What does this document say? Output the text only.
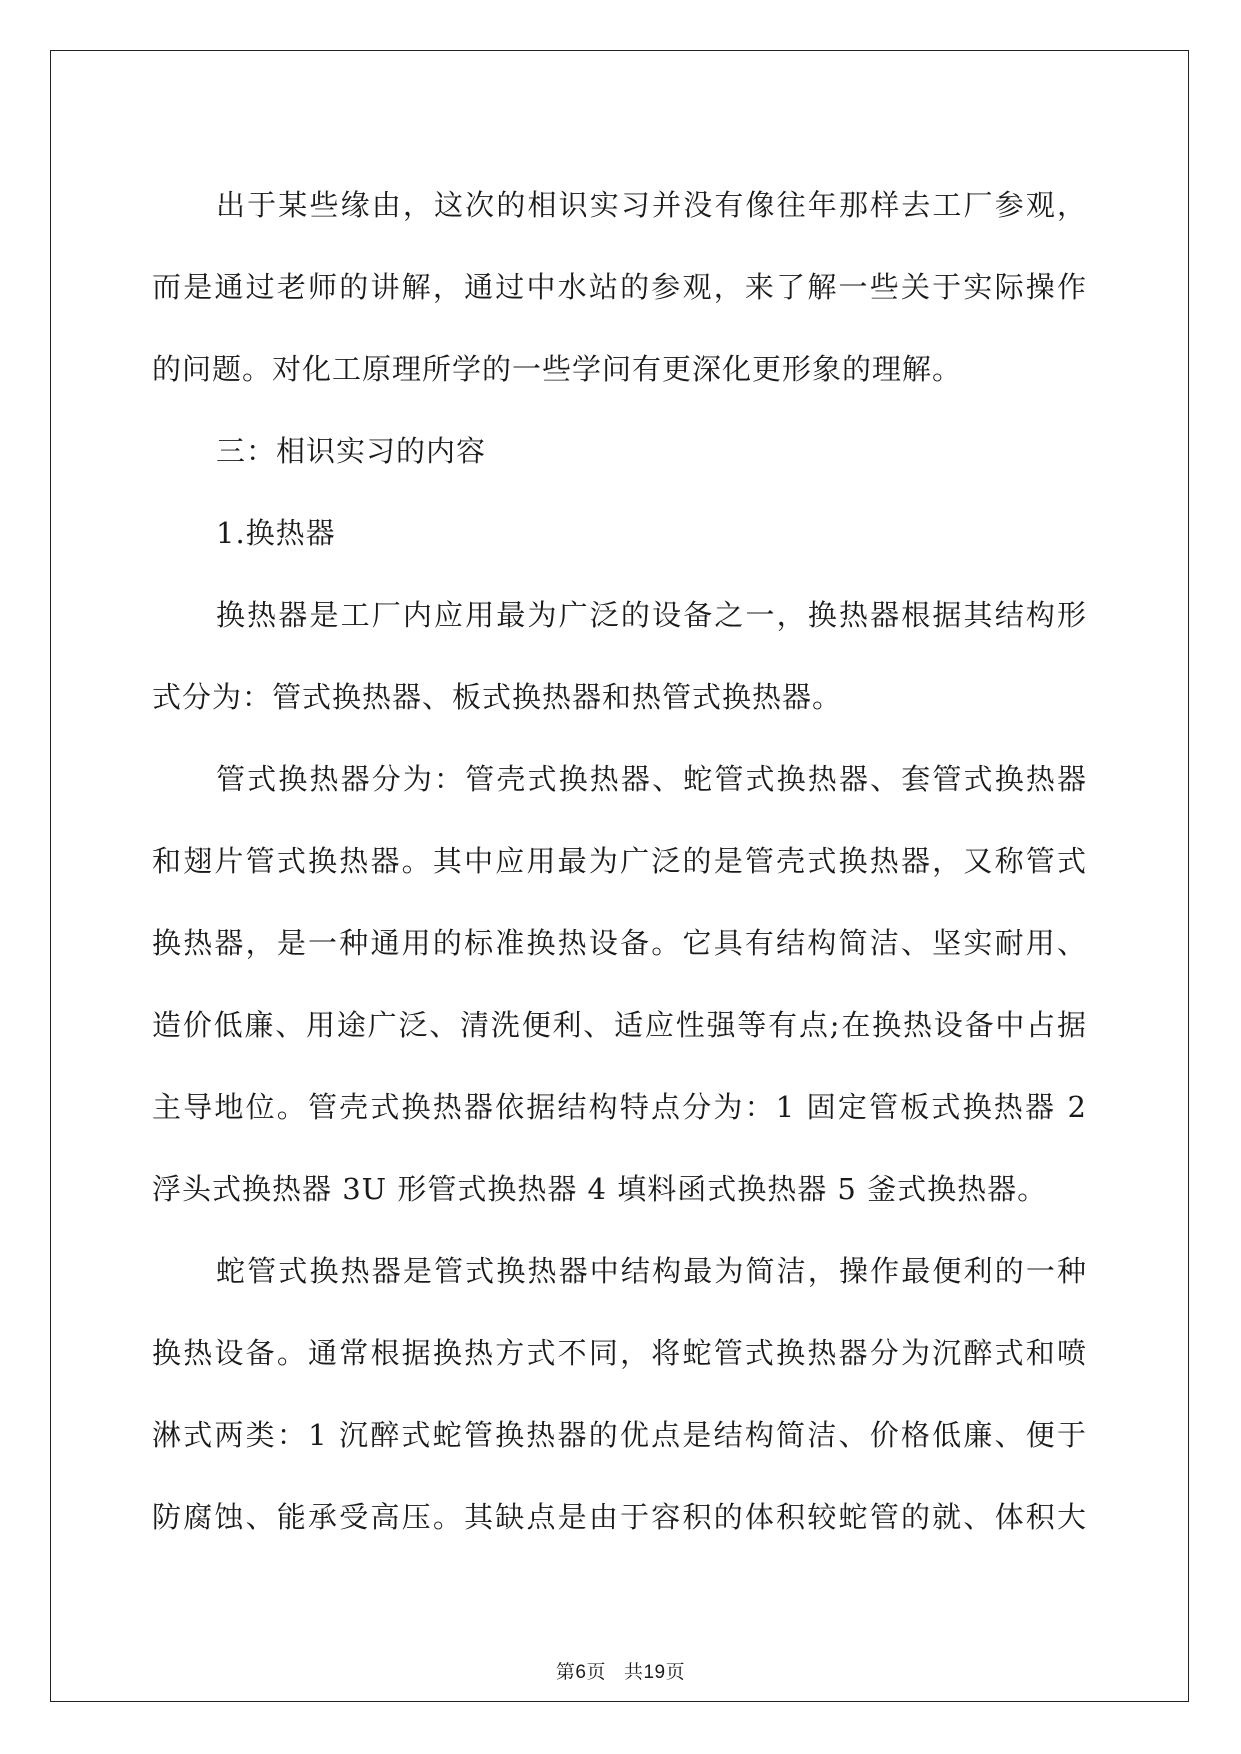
出于某些缘由，这次的相识实习并没有像往年那样去工厂参观，
而是通过老师的讲解，通过中水站的参观，来了解一些关于实际操作
的问题。对化工原理所学的一些学问有更深化更形象的理解。
三：相识实习的内容
1.换热器
换热器是工厂内应用最为广泛的设备之一，换热器根据其结构形
式分为：管式换热器、板式换热器和热管式换热器。
管式换热器分为：管壳式换热器、蛇管式换热器、套管式换热器
和翅片管式换热器。其中应用最为广泛的是管壳式换热器，又称管式
换热器，是一种通用的标准换热设备。它具有结构简洁、坚实耐用、
造价低廉、用途广泛、清洗便利、适应性强等有点;在换热设备中占据
主导地位。管壳式换热器依据结构特点分为：1 固定管板式换热器 2
浮头式换热器 3U 形管式换热器 4 填料函式换热器 5 釜式换热器。
蛇管式换热器是管式换热器中结构最为简洁，操作最便利的一种
换热设备。通常根据换热方式不同，将蛇管式换热器分为沉醉式和喷
淋式两类：1 沉醉式蛇管换热器的优点是结构简洁、价格低廉、便于
防腐蚀、能承受高压。其缺点是由于容积的体积较蛇管的就、体积大
第6页 共19页
